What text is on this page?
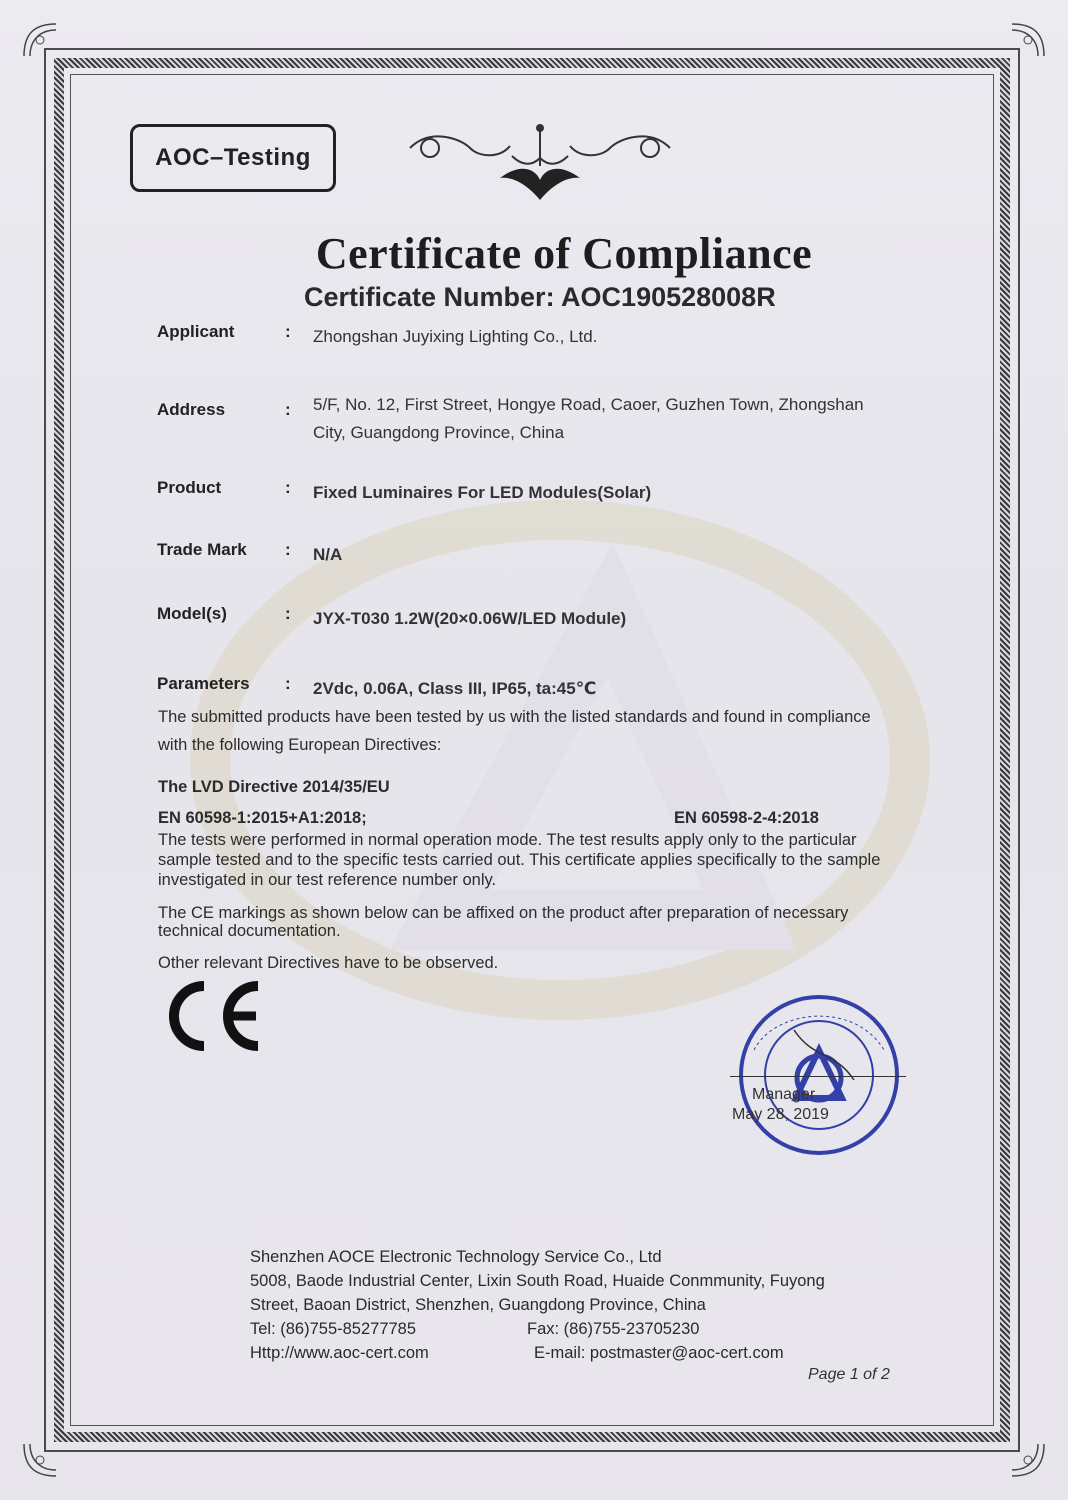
AOC–Testing
Certificate of Compliance
Certificate Number: AOC190528008R
Applicant	: Zhongshan Juyixing Lighting Co., Ltd.
Address	: 5/F, No. 12, First Street, Hongye Road, Caoer, Guzhen Town, Zhongshan
City, Guangdong Province, China
Product	: Fixed Luminaires For LED Modules(Solar)
Trade Mark	: N/A
Model(s)	: JYX-T030 1.2W(20×0.06W/LED Module)
Parameters	: 2Vdc, 0.06A, Class III, IP65, ta:45℃
The submitted products have been tested by us with the listed standards and found in compliance
with the following European Directives:
The LVD Directive 2014/35/EU
EN 60598-1:2015+A1:2018;	EN 60598-2-4:2018
The tests were performed in normal operation mode. The test results apply only to the particular
sample tested and to the specific tests carried out. This certificate applies specifically to the sample
investigated in our test reference number only.
The CE markings as shown below can be affixed on the product after preparation of necessary
technical documentation.
Other relevant Directives have to be observed.
Manager
May 28, 2019
Shenzhen AOCE Electronic Technology Service Co., Ltd
5008, Baode Industrial Center, Lixin South Road, Huaide Conmmunity, Fuyong
Street, Baoan District, Shenzhen, Guangdong Province, China
Tel: (86)755-85277785	Fax: (86)755-23705230
Http://www.aoc-cert.com	E-mail: postmaster@aoc-cert.com
Page 1 of 2
